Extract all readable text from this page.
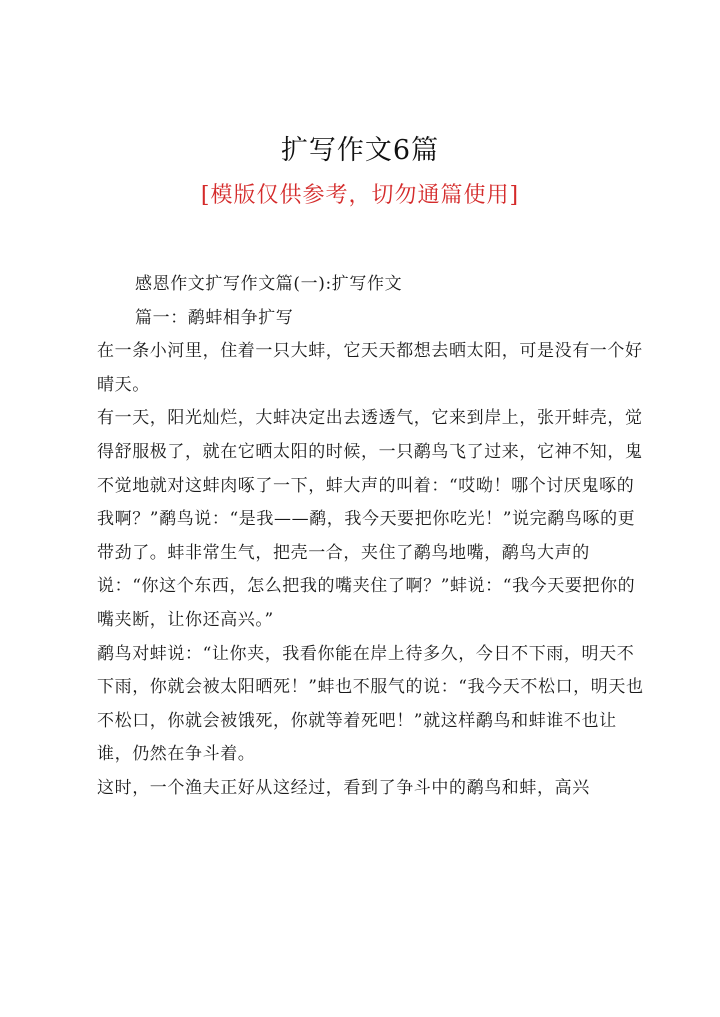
扩写作文6篇
[模版仅供参考，切勿通篇使用]

感恩作文扩写作文篇(一):扩写作文

篇一：鹬蚌相争扩写

在一条小河里，住着一只大蚌，它天天都想去晒太阳，可是没有一个好晴天。

有一天，阳光灿烂，大蚌决定出去透透气，它来到岸上，张开蚌壳，觉得舒服极了，就在它晒太阳的时候，一只鹬鸟飞了过来，它神不知，鬼不觉地就对这蚌肉啄了一下，蚌大声的叫着：“哎呦！哪个讨厌鬼啄的我啊？”鹬鸟说：“是我——鹬，我今天要把你吃光！”说完鹬鸟啄的更带劲了。蚌非常生气，把壳一合，夹住了鹬鸟地嘴，鹬鸟大声的说：“你这个东西，怎么把我的嘴夹住了啊？”蚌说：“我今天要把你的嘴夹断，让你还高兴。”

鹬鸟对蚌说：“让你夹，我看你能在岸上待多久，今日不下雨，明天不下雨，你就会被太阳晒死！”蚌也不服气的说：“我今天不松口，明天也不松口，你就会被饿死，你就等着死吧！”就这样鹬鸟和蚌谁不也让谁，仍然在争斗着。

这时，一个渔夫正好从这经过，看到了争斗中的鹬鸟和蚌，高兴
